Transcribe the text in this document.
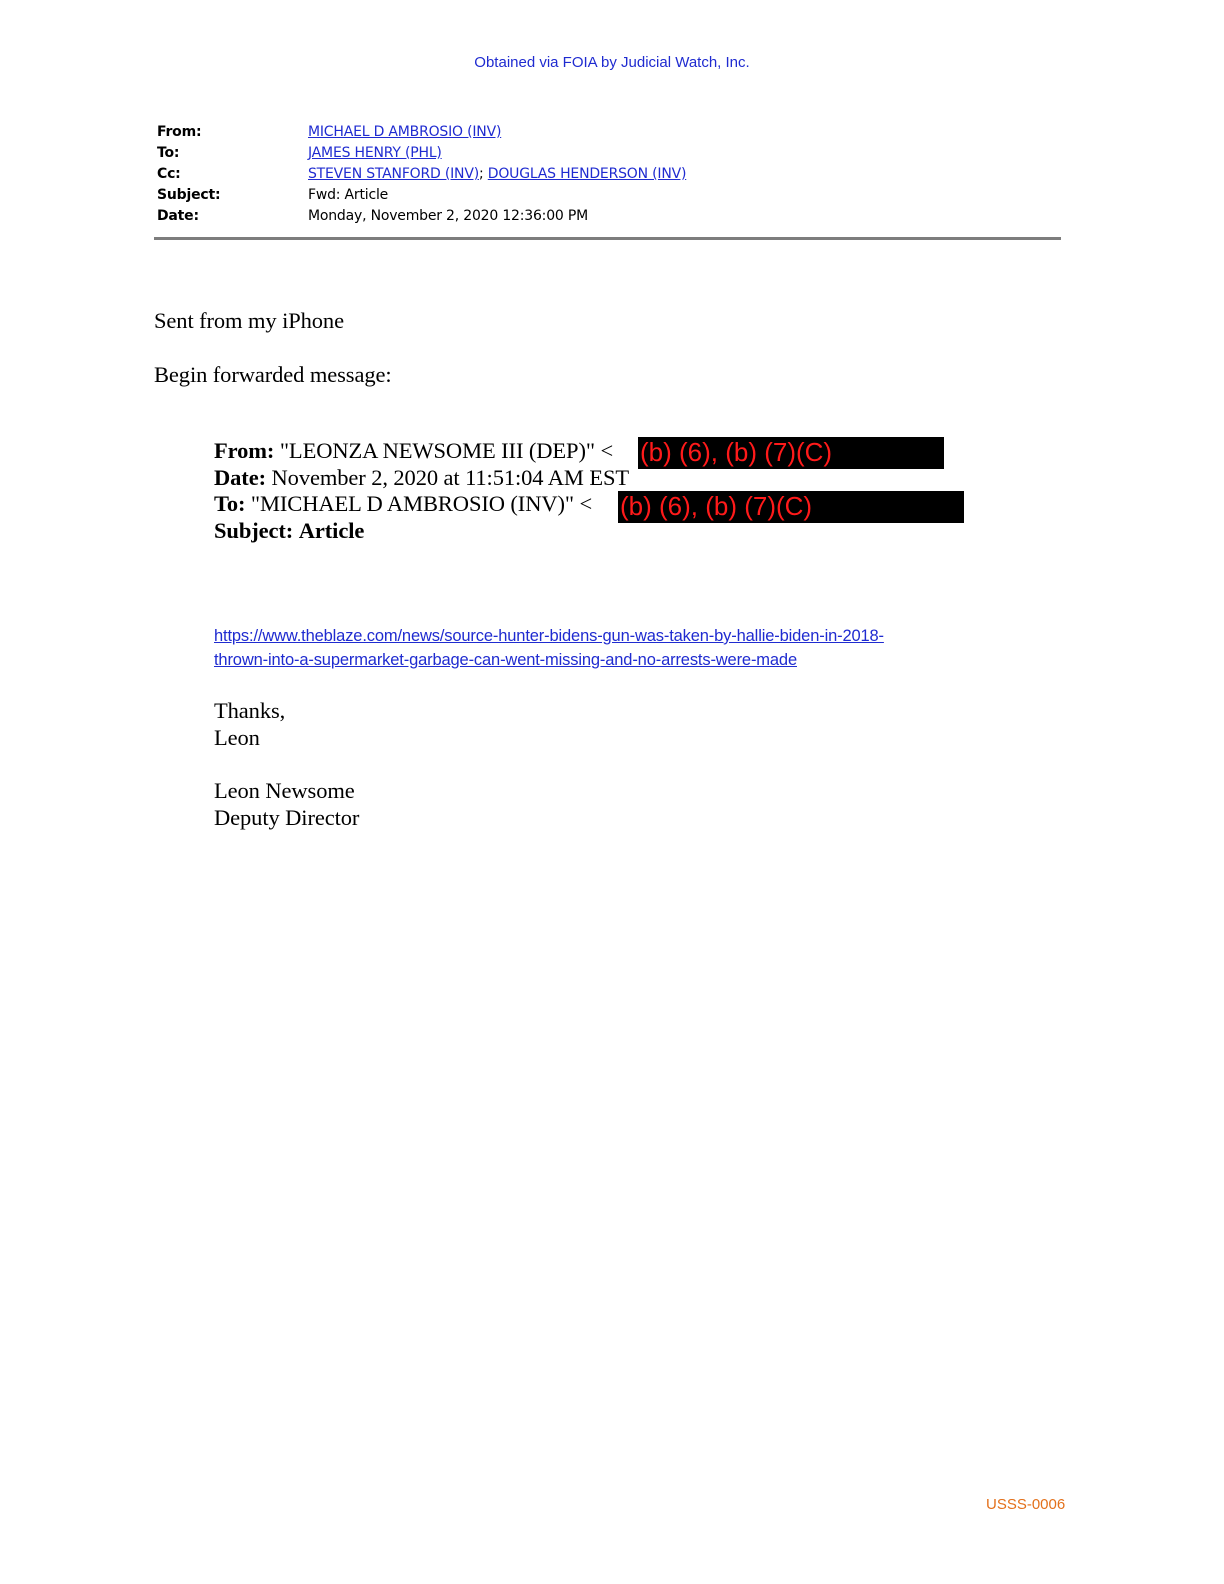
Obtained via FOIA by Judicial Watch, Inc.
From:	MICHAEL D AMBROSIO (INV)
To:	JAMES HENRY (PHL)
Cc:	STEVEN STANFORD (INV); DOUGLAS HENDERSON (INV)
Subject:	Fwd: Article
Date:	Monday, November 2, 2020 12:36:00 PM
Sent from my iPhone
Begin forwarded message:
From: "LEONZA NEWSOME III (DEP)" <
Date: November 2, 2020 at 11:51:04 AM EST
To: "MICHAEL D AMBROSIO (INV)" <
Subject: Article
(b) (6), (b) (7)(C)
(b) (6), (b) (7)(C)
https://www.theblaze.com/news/source-hunter-bidens-gun-was-taken-by-hallie-biden-in-2018-
thrown-into-a-supermarket-garbage-can-went-missing-and-no-arrests-were-made
Thanks,
Leon
Leon Newsome
Deputy Director
USSS-0006
